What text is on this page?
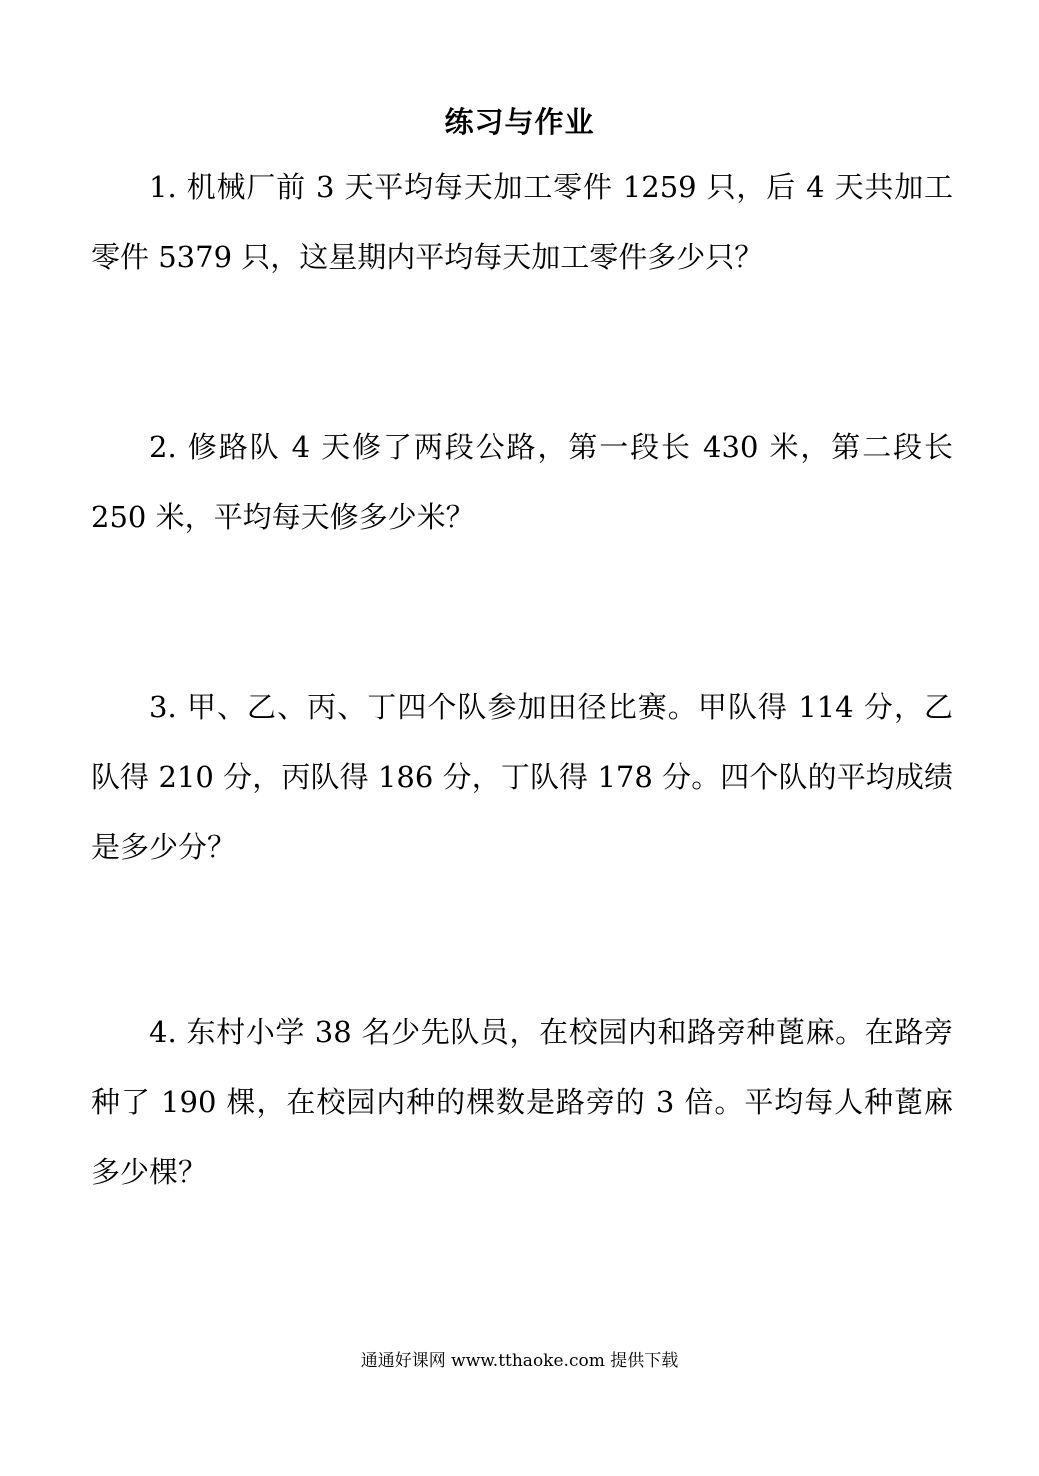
练习与作业

1. 机械厂前 3 天平均每天加工零件 1259 只，后 4 天共加工零件 5379 只，这星期内平均每天加工零件多少只？

2. 修路队 4 天修了两段公路，第一段长 430 米，第二段长 250 米，平均每天修多少米？

3. 甲、乙、丙、丁四个队参加田径比赛。甲队得 114 分，乙队得 210 分，丙队得 186 分，丁队得 178 分。四个队的平均成绩是多少分？

4. 东村小学 38 名少先队员，在校园内和路旁种蓖麻。在路旁种了 190 棵，在校园内种的棵数是路旁的 3 倍。平均每人种蓖麻多少棵？

通通好课网 www.tthaoke.com 提供下载
